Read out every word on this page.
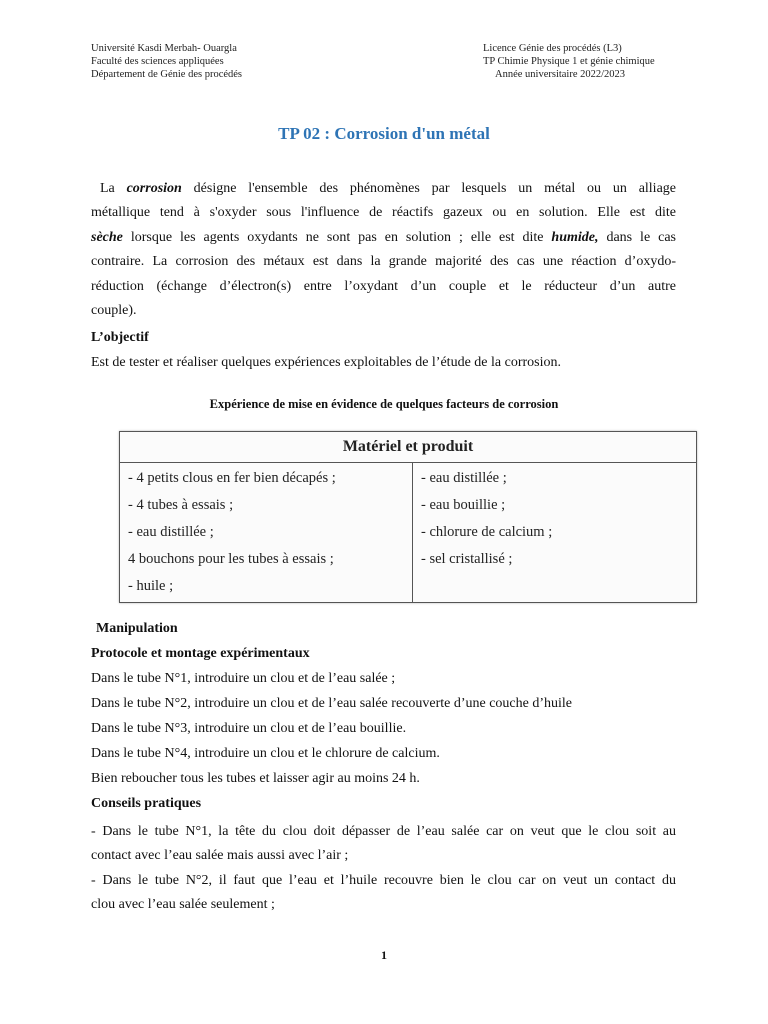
Université Kasdi Merbah- Ouargla
Faculté des sciences appliquées
Département de Génie des procédés
Licence Génie des procédés (L3)
TP Chimie Physique 1 et génie chimique
Année universitaire 2022/2023
TP 02 : Corrosion d'un métal
La corrosion désigne l'ensemble des phénomènes par lesquels un métal ou un alliage
métallique tend à s'oxyder sous l'influence de réactifs gazeux ou en solution. Elle est dite
sèche lorsque les agents oxydants ne sont pas en solution ; elle est dite humide, dans le cas
contraire. La corrosion des métaux est dans la grande majorité des cas une réaction d’oxydo-
réduction (échange d’électron(s) entre l’oxydant d’un couple et le réducteur d’un autre
couple).
L’objectif
Est de tester et réaliser quelques expériences exploitables de l’étude de la corrosion.
Expérience de mise en évidence de quelques facteurs de corrosion
Matériel et produit

- 4 petits clous en fer bien décapés ;
- 4 tubes à essais ;
- eau distillée ;
4 bouchons pour les tubes à essais ;
- huile ;

- eau distillée ;
- eau bouillie ;
- chlorure de calcium ;
- sel cristallisé ;
Manipulation
Protocole et montage expérimentaux
Dans le tube N°1, introduire un clou et de l’eau salée ;
Dans le tube N°2, introduire un clou et de l’eau salée recouverte d’une couche d’huile
Dans le tube N°3, introduire un clou et de l’eau bouillie.
Dans le tube N°4, introduire un clou et le chlorure de calcium.
Bien reboucher tous les tubes et laisser agir au moins 24 h.
Conseils pratiques
- Dans le tube N°1, la tête du clou doit dépasser de l’eau salée car on veut que le clou soit au
contact avec l’eau salée mais aussi avec l’air ;
- Dans le tube N°2, il faut que l’eau et l’huile recouvre bien le clou car on veut un contact du
clou avec l’eau salée seulement ;
1
